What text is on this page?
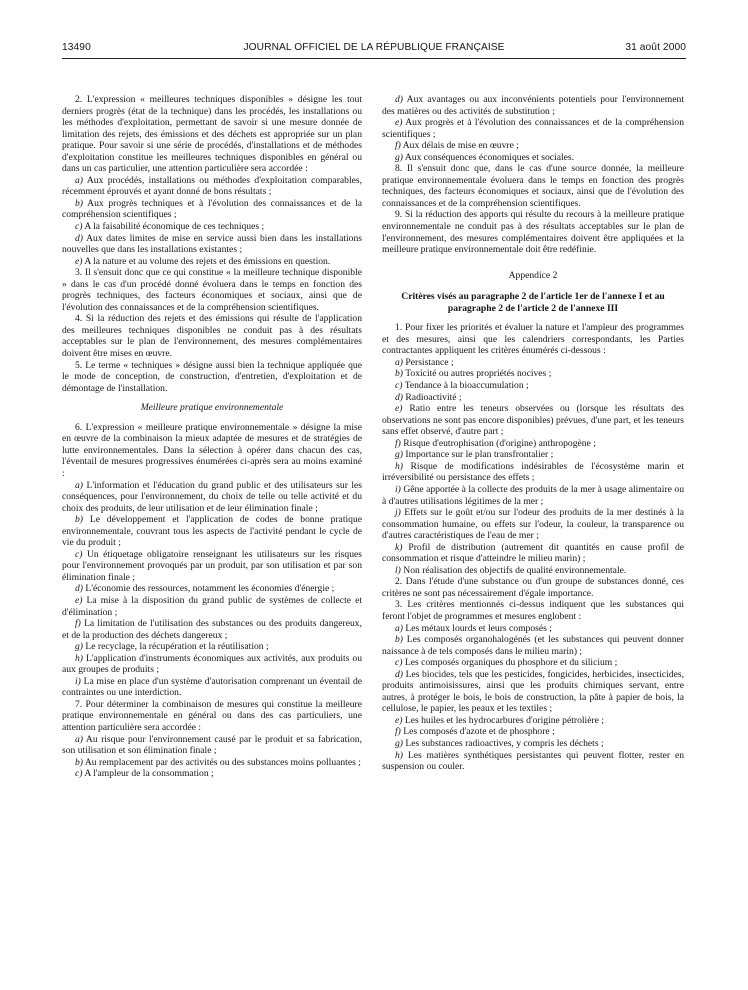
13490	JOURNAL OFFICIEL DE LA RÉPUBLIQUE FRANÇAISE	31 août 2000

2. L'expression « meilleures techniques disponibles » désigne les tout derniers progrès (état de la technique) dans les procédés, les installations ou les méthodes d'exploitation, permettant de savoir si une mesure donnée de limitation des rejets, des émissions et des déchets est appropriée sur un plan pratique. Pour savoir si une série de procédés, d'installations et de méthodes d'exploitation constitue les meilleures techniques disponibles en général ou dans un cas particulier, une attention particulière sera accordée :

a) Aux procédés, installations ou méthodes d'exploitation comparables, récemment éprouvés et ayant donné de bons résultats ;

b) Aux progrès techniques et à l'évolution des connaissances et de la compréhension scientifiques ;

c) A la faisabilité économique de ces techniques ;

d) Aux dates limites de mise en service aussi bien dans les installations nouvelles que dans les installations existantes ;

e) A la nature et au volume des rejets et des émissions en question.

3. Il s'ensuit donc que ce qui constitue « la meilleure technique disponible » dans le cas d'un procédé donné évoluera dans le temps en fonction des progrès techniques, des facteurs économiques et sociaux, ainsi que de l'évolution des connaissances et de la compréhension scientifiques.

4. Si la réduction des rejets et des émissions qui résulte de l'application des meilleures techniques disponibles ne conduit pas à des résultats acceptables sur le plan de l'environnement, des mesures complémentaires doivent être mises en œuvre.

5. Le terme « techniques » désigne aussi bien la technique appliquée que le mode de conception, de construction, d'entretien, d'exploitation et de démontage de l'installation.

Meilleure pratique environnementale

6. L'expression « meilleure pratique environnementale » désigne la mise en œuvre de la combinaison la mieux adaptée de mesures et de stratégies de lutte environnementales. Dans la sélection à opérer dans chacun des cas, l'éventail de mesures progressives énumérées ci-après sera au moins examiné :

a) L'information et l'éducation du grand public et des utilisateurs sur les conséquences, pour l'environnement, du choix de telle ou telle activité et du choix des produits, de leur utilisation et de leur élimination finale ;

b) Le développement et l'application de codes de bonne pratique environnementale, couvrant tous les aspects de l'activité pendant le cycle de vie du produit ;

c) Un étiquetage obligatoire renseignant les utilisateurs sur les risques pour l'environnement provoqués par un produit, par son utilisation et par son élimination finale ;

d) L'économie des ressources, notamment les économies d'énergie ;

e) La mise à la disposition du grand public de systèmes de collecte et d'élimination ;

f) La limitation de l'utilisation des substances ou des produits dangereux, et de la production des déchets dangereux ;

g) Le recyclage, la récupération et la réutilisation ;

h) L'application d'instruments économiques aux activités, aux produits ou aux groupes de produits ;

i) La mise en place d'un système d'autorisation comprenant un éventail de contraintes ou une interdiction.

7. Pour déterminer la combinaison de mesures qui constitue la meilleure pratique environnementale en général ou dans des cas particuliers, une attention particulière sera accordée :

a) Au risque pour l'environnement causé par le produit et sa fabrication, son utilisation et son élimination finale ;

b) Au remplacement par des activités ou des substances moins polluantes ;

c) A l'ampleur de la consommation ;

d) Aux avantages ou aux inconvénients potentiels pour l'environnement des matières ou des activités de substitution ;

e) Aux progrès et à l'évolution des connaissances et de la compréhension scientifiques ;

f) Aux délais de mise en œuvre ;

g) Aux conséquences économiques et sociales.

8. Il s'ensuit donc que, dans le cas d'une source donnée, la meilleure pratique environnementale évoluera dans le temps en fonction des progrès techniques, des facteurs économiques et sociaux, ainsi que de l'évolution des connaissances et de la compréhension scientifiques.

9. Si la réduction des apports qui résulte du recours à la meilleure pratique environnementale ne conduit pas à des résultats acceptables sur le plan de l'environnement, des mesures complémentaires doivent être appliquées et la meilleure pratique environnementale doit être redéfinie.

Appendice 2

Critères visés au paragraphe 2 de l'article 1er de l'annexe I et au paragraphe 2 de l'article 2 de l'annexe III

1. Pour fixer les priorités et évaluer la nature et l'ampleur des programmes et des mesures, ainsi que les calendriers correspondants, les Parties contractantes appliquent les critères énumérés ci-dessous :

a) Persistance ;

b) Toxicité ou autres propriétés nocives ;

c) Tendance à la bioaccumulation ;

d) Radioactivité ;

e) Ratio entre les teneurs observées ou (lorsque les résultats des observations ne sont pas encore disponibles) prévues, d'une part, et les teneurs sans effet observé, d'autre part ;

f) Risque d'eutrophisation (d'origine) anthropogène ;

g) Importance sur le plan transfrontalier ;

h) Risque de modifications indésirables de l'écosystème marin et irréversibilité ou persistance des effets ;

i) Gêne apportée à la collecte des produits de la mer à usage alimentaire ou à d'autres utilisations légitimes de la mer ;

j) Effets sur le goût et/ou sur l'odeur des produits de la mer destinés à la consommation humaine, ou effets sur l'odeur, la couleur, la transparence ou d'autres caractéristiques de l'eau de mer ;

k) Profil de distribution (autrement dit quantités en cause profil de consommation et risque d'atteindre le milieu marin) ;

l) Non réalisation des objectifs de qualité environnementale.

2. Dans l'étude d'une substance ou d'un groupe de substances donné, ces critères ne sont pas nécessairement d'égale importance.

3. Les critères mentionnés ci-dessus indiquent que les substances qui feront l'objet de programmes et mesures englobent :

a) Les métaux lourds et leurs composés ;

b) Les composés organohalogénés (et les substances qui peuvent donner naissance à de tels composés dans le milieu marin) ;

c) Les composés organiques du phosphore et du silicium ;

d) Les biocides, tels que les pesticides, fongicides, herbicides, insecticides, produits antimoisissures, ainsi que les produits chimiques servant, entre autres, à protéger le bois, le bois de construction, la pâte à papier de bois, la cellulose, le papier, les peaux et les textiles ;

e) Les huiles et les hydrocarbures d'origine pétrolière ;

f) Les composés d'azote et de phosphore ;

g) Les substances radioactives, y compris les déchets ;

h) Les matières synthétiques persistantes qui peuvent flotter, rester en suspension ou couler.
